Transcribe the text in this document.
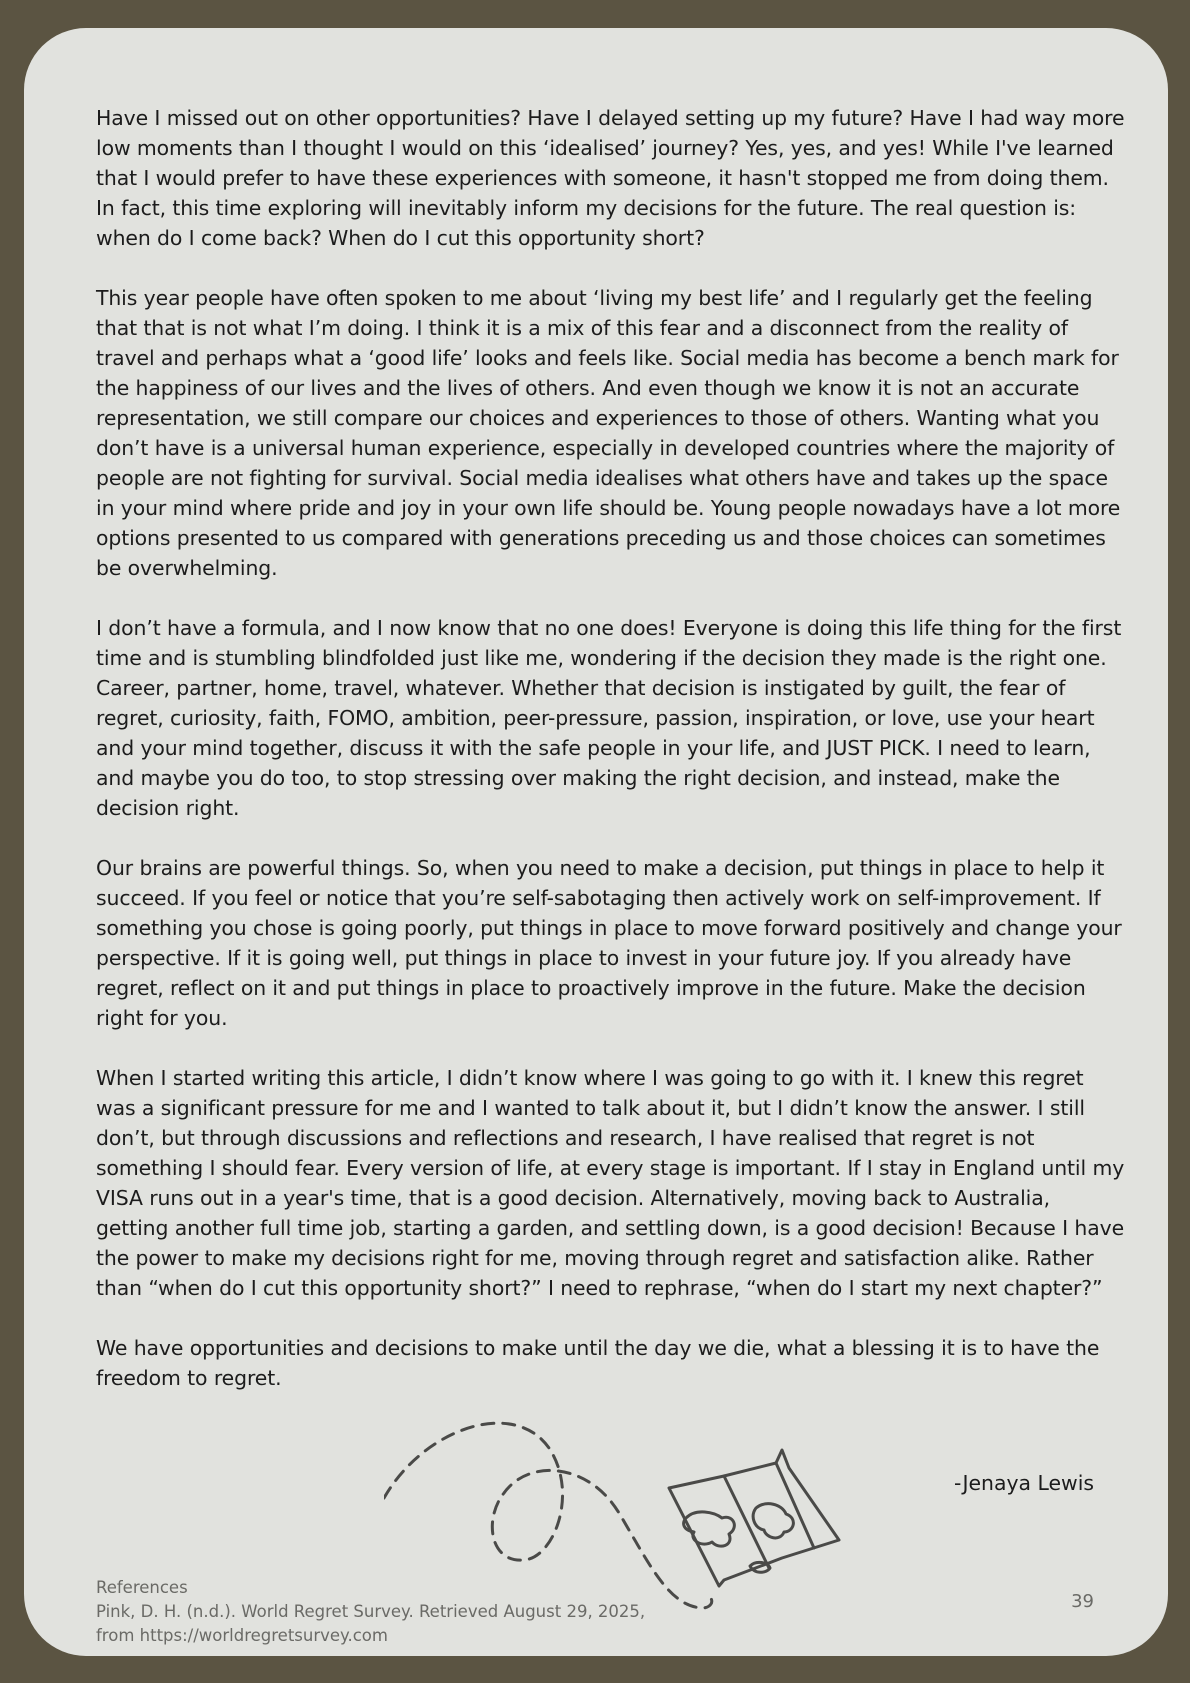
Have I missed out on other opportunities? Have I delayed setting up my future? Have I had way more low moments than I thought I would on this ‘idealised’ journey? Yes, yes, and yes! While I've learned that I would prefer to have these experiences with someone, it hasn't stopped me from doing them. In fact, this time exploring will inevitably inform my decisions for the future. The real question is: when do I come back? When do I cut this opportunity short?

This year people have often spoken to me about ‘living my best life’ and I regularly get the feeling that that is not what I’m doing. I think it is a mix of this fear and a disconnect from the reality of travel and perhaps what a ‘good life’ looks and feels like. Social media has become a bench mark for the happiness of our lives and the lives of others. And even though we know it is not an accurate representation, we still compare our choices and experiences to those of others. Wanting what you don’t have is a universal human experience, especially in developed countries where the majority of people are not fighting for survival. Social media idealises what others have and takes up the space in your mind where pride and joy in your own life should be. Young people nowadays have a lot more options presented to us compared with generations preceding us and those choices can sometimes be overwhelming.

I don’t have a formula, and I now know that no one does! Everyone is doing this life thing for the first time and is stumbling blindfolded just like me, wondering if the decision they made is the right one. Career, partner, home, travel, whatever. Whether that decision is instigated by guilt, the fear of regret, curiosity, faith, FOMO, ambition, peer-pressure, passion, inspiration, or love, use your heart and your mind together, discuss it with the safe people in your life, and JUST PICK. I need to learn, and maybe you do too, to stop stressing over making the right decision, and instead, make the decision right.

Our brains are powerful things. So, when you need to make a decision, put things in place to help it succeed. If you feel or notice that you’re self-sabotaging then actively work on self-improvement. If something you chose is going poorly, put things in place to move forward positively and change your perspective. If it is going well, put things in place to invest in your future joy. If you already have regret, reflect on it and put things in place to proactively improve in the future. Make the decision right for you.

When I started writing this article, I didn’t know where I was going to go with it. I knew this regret was a significant pressure for me and I wanted to talk about it, but I didn’t know the answer. I still don’t, but through discussions and reflections and research, I have realised that regret is not something I should fear. Every version of life, at every stage is important. If I stay in England until my VISA runs out in a year's time, that is a good decision. Alternatively, moving back to Australia, getting another full time job, starting a garden, and settling down, is a good decision! Because I have the power to make my decisions right for me, moving through regret and satisfaction alike. Rather than “when do I cut this opportunity short?” I need to rephrase, “when do I start my next chapter?”

We have opportunities and decisions to make until the day we die, what a blessing it is to have the freedom to regret.

-Jenaya Lewis
References
Pink, D. H. (n.d.). World Regret Survey. Retrieved August 29, 2025,
from https://worldregretsurvey.com
39
